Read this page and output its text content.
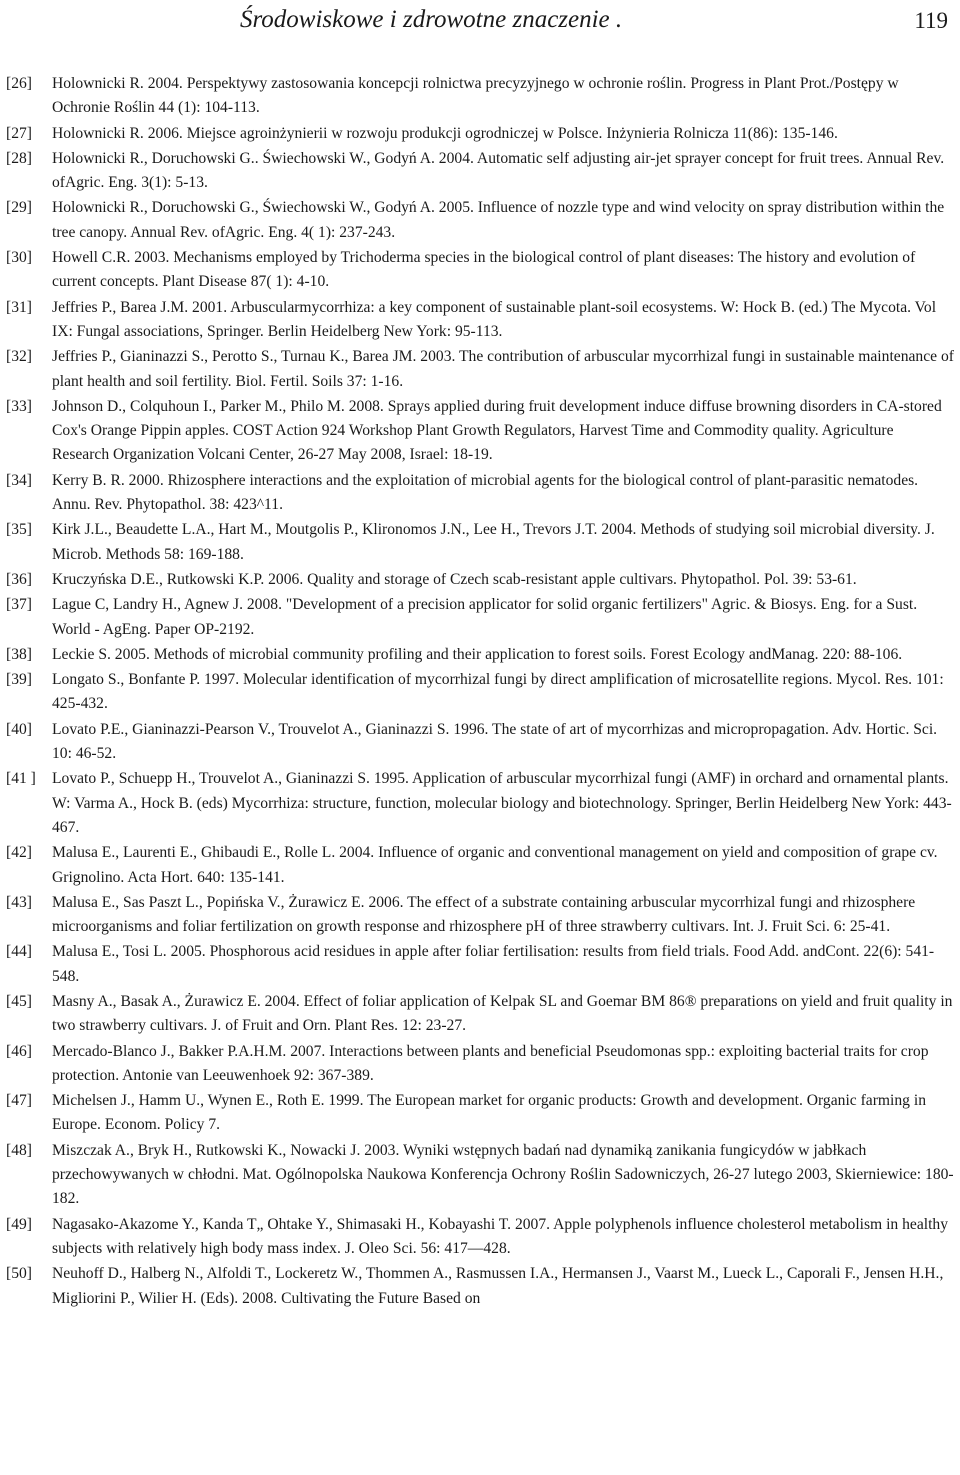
Środowiskowe i zdrowotne znaczenie .	119
[26] Holownicki R. 2004. Perspektywy zastosowania koncepcji rolnictwa precyzyjnego w ochronie roślin. Progress in Plant Prot./Postępy w Ochronie Roślin 44 (1): 104-113.
[27] Holownicki R. 2006. Miejsce agroinżynierii w rozwoju produkcji ogrodniczej w Polsce. Inżynieria Rolnicza 11(86): 135-146.
[28] Holownicki R., Doruchowski G.. Świechowski W., Godyń A. 2004. Automatic self adjusting air-jet sprayer concept for fruit trees. Annual Rev. ofAgric. Eng. 3(1): 5-13.
[29] Holownicki R., Doruchowski G., Świechowski W., Godyń A. 2005. Influence of nozzle type and wind velocity on spray distribution within the tree canopy. Annual Rev. ofAgric. Eng. 4( 1): 237-243.
[30] Howell C.R. 2003. Mechanisms employed by Trichoderma species in the biological control of plant diseases: The history and evolution of current concepts. Plant Disease 87( 1): 4-10.
[31] Jeffries P., Barea J.M. 2001. Arbuscularmycorrhiza: a key component of sustainable plant-soil ecosystems. W: Hock B. (ed.) The Mycota. Vol IX: Fungal associations, Springer. Berlin Heidelberg New York: 95-113.
[32] Jeffries P., Gianinazzi S., Perotto S., Turnau K., Barea JM. 2003. The contribution of arbuscular mycorrhizal fungi in sustainable maintenance of plant health and soil fertility. Biol. Fertil. Soils 37: 1-16.
[33] Johnson D., Colquhoun I., Parker M., Philo M. 2008. Sprays applied during fruit development induce diffuse browning disorders in CA-stored Cox's Orange Pippin apples. COST Action 924 Workshop Plant Growth Regulators, Harvest Time and Commodity quality. Agriculture Research Organization Volcani Center, 26-27 May 2008, Israel: 18-19.
[34] Kerry B. R. 2000. Rhizosphere interactions and the exploitation of microbial agents for the biological control of plant-parasitic nematodes. Annu. Rev. Phytopathol. 38: 423^11.
[35] Kirk J.L., Beaudette L.A., Hart M., Moutgolis P., Klironomos J.N., Lee H., Trevors J.T. 2004. Methods of studying soil microbial diversity. J. Microb. Methods 58: 169-188.
[36] Kruczyńska D.E., Rutkowski K.P. 2006. Quality and storage of Czech scab-resistant apple cultivars. Phytopathol. Pol. 39: 53-61.
[37] Lague C, Landry H., Agnew J. 2008. "Development of a precision applicator for solid organic fertilizers" Agric. & Biosys. Eng. for a Sust. World - AgEng. Paper OP-2192.
[38] Leckie S. 2005. Methods of microbial community profiling and their application to forest soils. Forest Ecology andManag. 220: 88-106.
[39] Longato S., Bonfante P. 1997. Molecular identification of mycorrhizal fungi by direct amplification of microsatellite regions. Mycol. Res. 101: 425-432.
[40] Lovato P.E., Gianinazzi-Pearson V., Trouvelot A., Gianinazzi S. 1996. The state of art of mycorrhizas and micropropagation. Adv. Hortic. Sci. 10: 46-52.
[41 ] Lovato P., Schuepp H., Trouvelot A., Gianinazzi S. 1995. Application of arbuscular mycorrhizal fungi (AMF) in orchard and ornamental plants. W: Varma A., Hock B. (eds) Mycorrhiza: structure, function, molecular biology and biotechnology. Springer, Berlin Heidelberg New York: 443-467.
[42] Malusa E., Laurenti E., Ghibaudi E., Rolle L. 2004. Influence of organic and conventional management on yield and composition of grape cv. Grignolino. Acta Hort. 640: 135-141.
[43] Malusa E., Sas Paszt L., Popińska V., Żurawicz E. 2006. The effect of a substrate containing arbuscular mycorrhizal fungi and rhizosphere microorganisms and foliar fertilization on growth response and rhizosphere pH of three strawberry cultivars. Int. J. Fruit Sci. 6: 25-41.
[44] Malusa E., Tosi L. 2005. Phosphorous acid residues in apple after foliar fertilisation: results from field trials. Food Add. andCont. 22(6): 541-548.
[45] Masny A., Basak A., Żurawicz E. 2004. Effect of foliar application of Kelpak SL and Goemar BM 86® preparations on yield and fruit quality in two strawberry cultivars. J. of Fruit and Orn. Plant Res. 12: 23-27.
[46] Mercado-Blanco J., Bakker P.A.H.M. 2007. Interactions between plants and beneficial Pseudomonas spp.: exploiting bacterial traits for crop protection. Antonie van Leeuwenhoek 92: 367-389.
[47] Michelsen J., Hamm U., Wynen E., Roth E. 1999. The European market for organic products: Growth and development. Organic farming in Europe. Econom. Policy 7.
[48] Miszczak A., Bryk H., Rutkowski K., Nowacki J. 2003. Wyniki wstępnych badań nad dynamiką zanikania fungicydów w jabłkach przechowywanych w chłodni. Mat. Ogólnopolska Naukowa Konferencja Ochrony Roślin Sadowniczych, 26-27 lutego 2003, Skierniewice: 180-182.
[49] Nagasako-Akazome Y., Kanda T„ Ohtake Y., Shimasaki H., Kobayashi T. 2007. Apple polyphenols influence cholesterol metabolism in healthy subjects with relatively high body mass index. J. Oleo Sci. 56: 417—428.
[50] Neuhoff D., Halberg N., Alfoldi T., Lockeretz W., Thommen A., Rasmussen I.A., Hermansen J., Vaarst M., Lueck L., Caporali F., Jensen H.H., Migliorini P., Wilier H. (Eds). 2008. Cultivating the Future Based on
